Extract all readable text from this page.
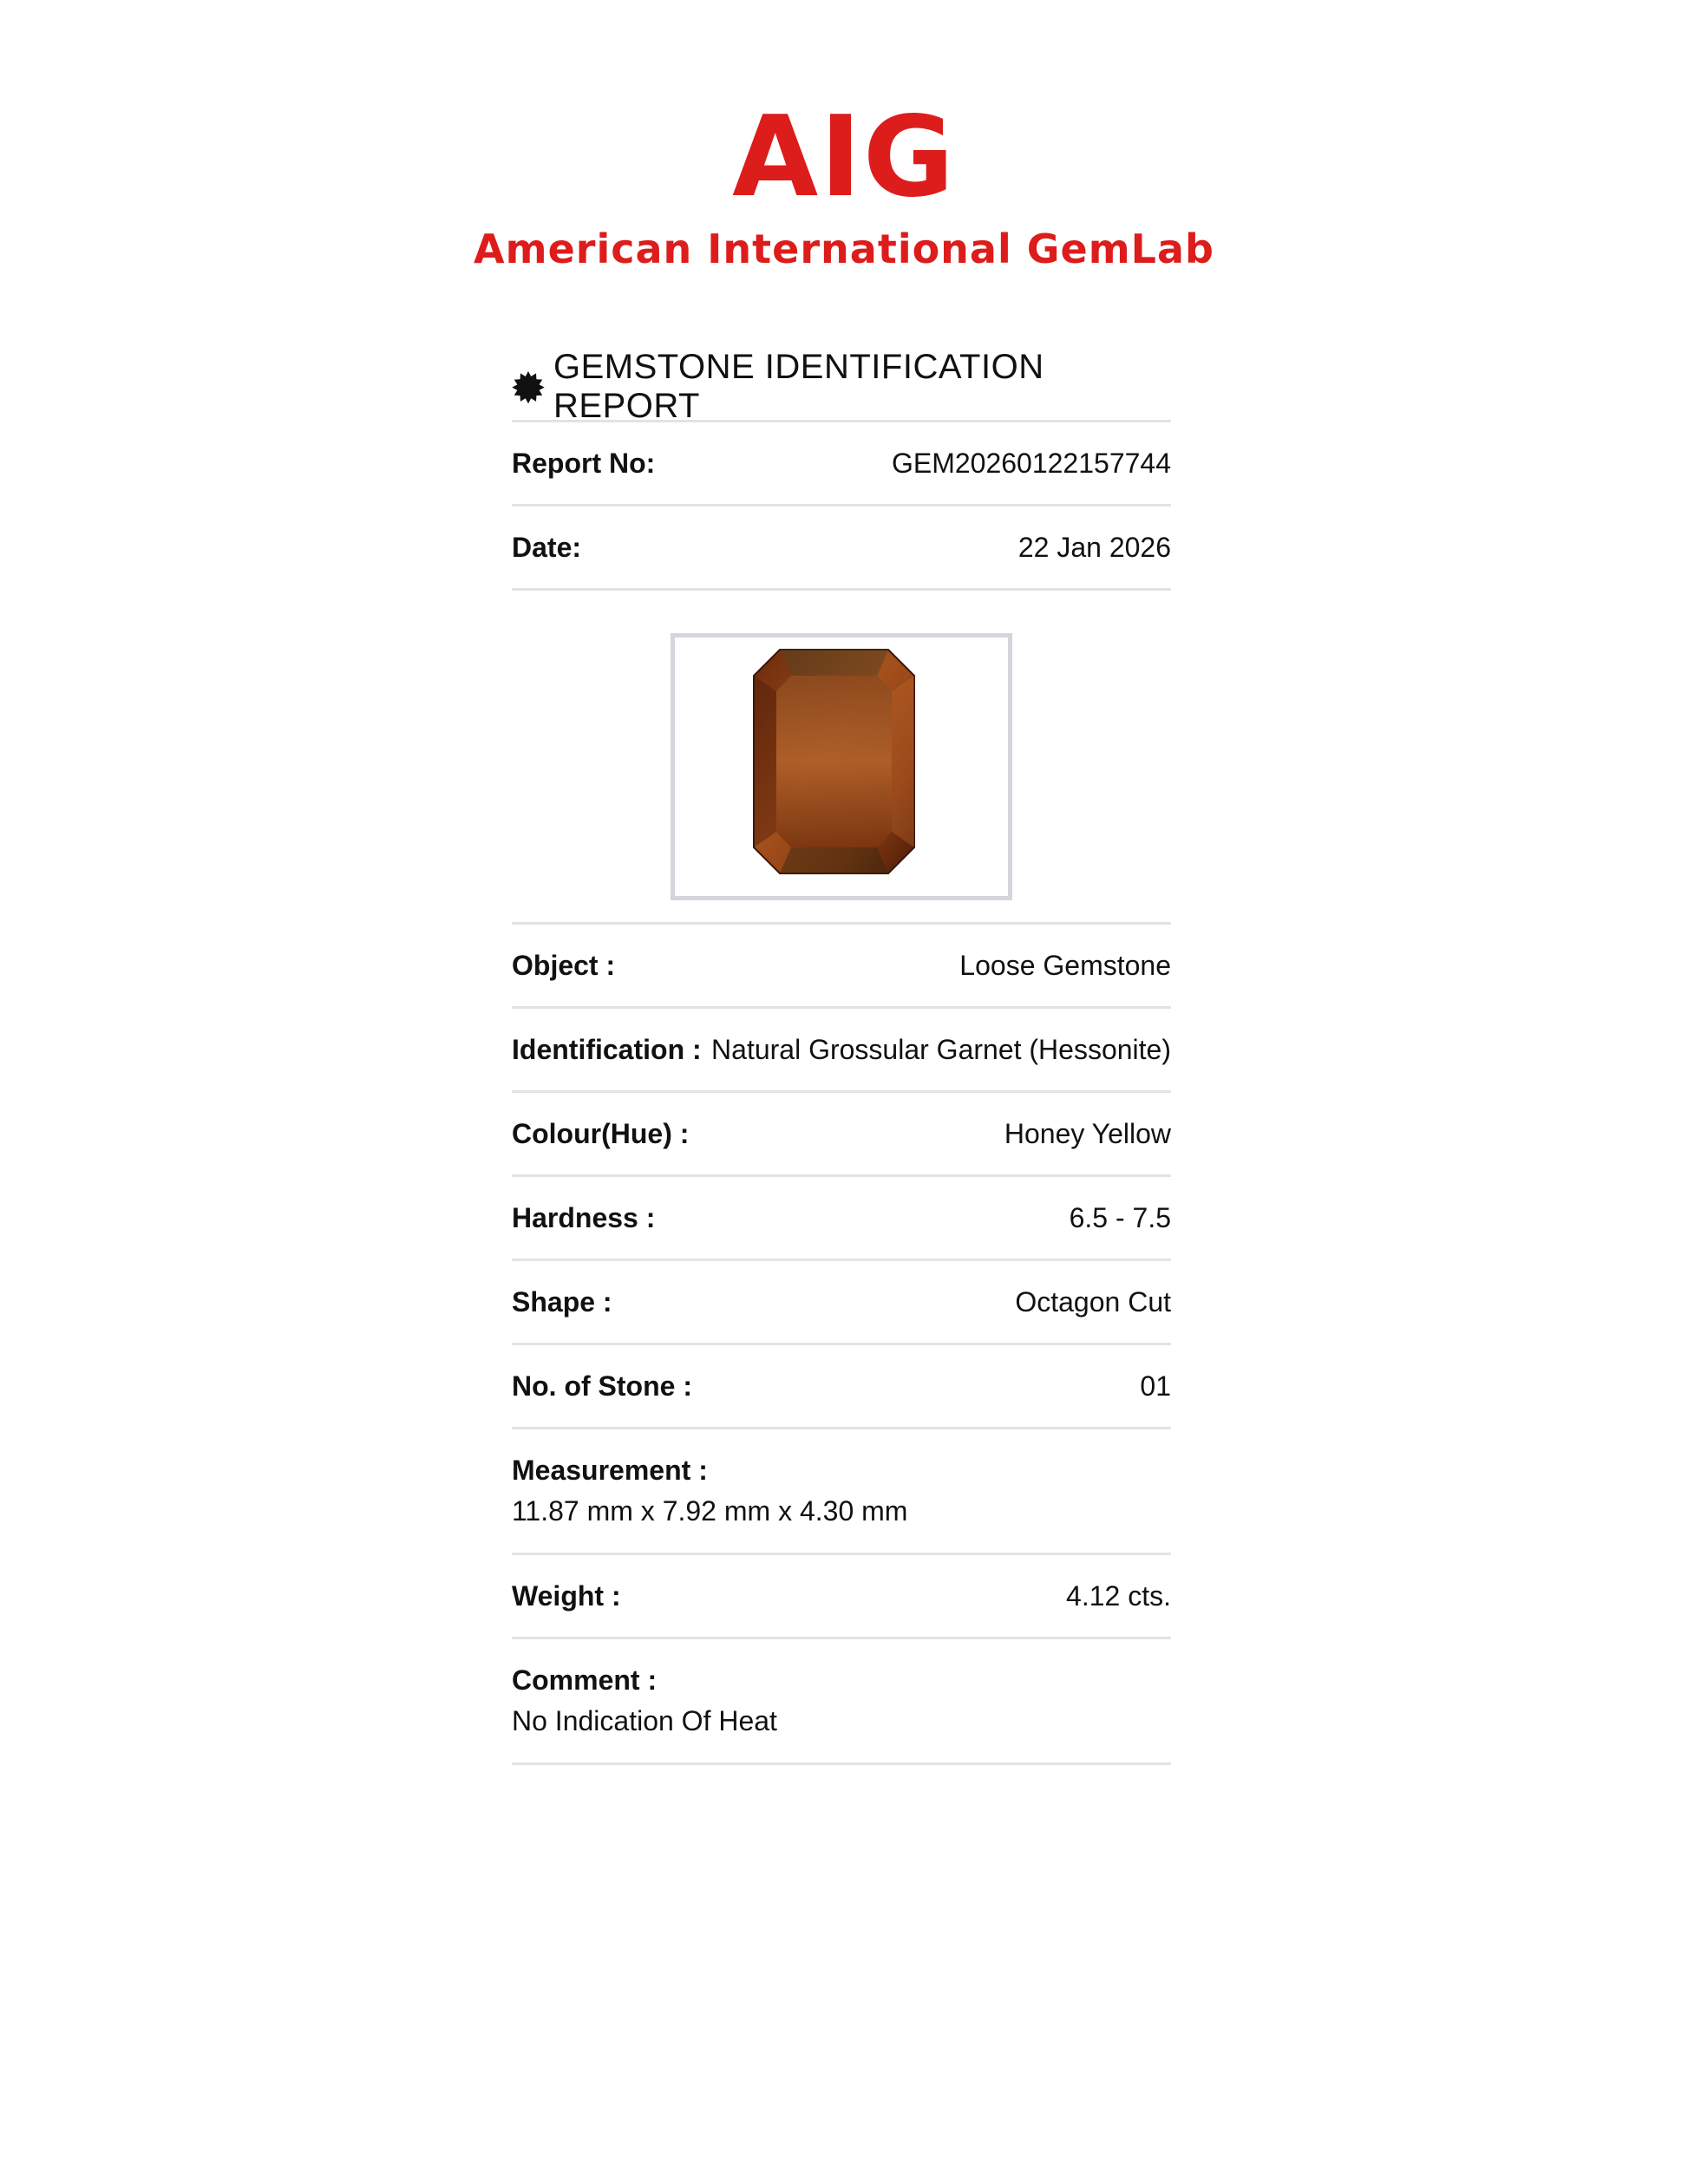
AIG
American International GemLab
GEMSTONE IDENTIFICATION REPORT
Report No:	GEM20260122157744
Date:	22 Jan 2026
Object :	Loose Gemstone
Identification : Natural Grossular Garnet (Hessonite)
Colour(Hue) :	Honey Yellow
Hardness :	6.5 - 7.5
Shape :	Octagon Cut
No. of Stone :	01
Measurement :
11.87 mm x 7.92 mm x 4.30 mm
Weight :	4.12 cts.
Comment :
No Indication Of Heat
